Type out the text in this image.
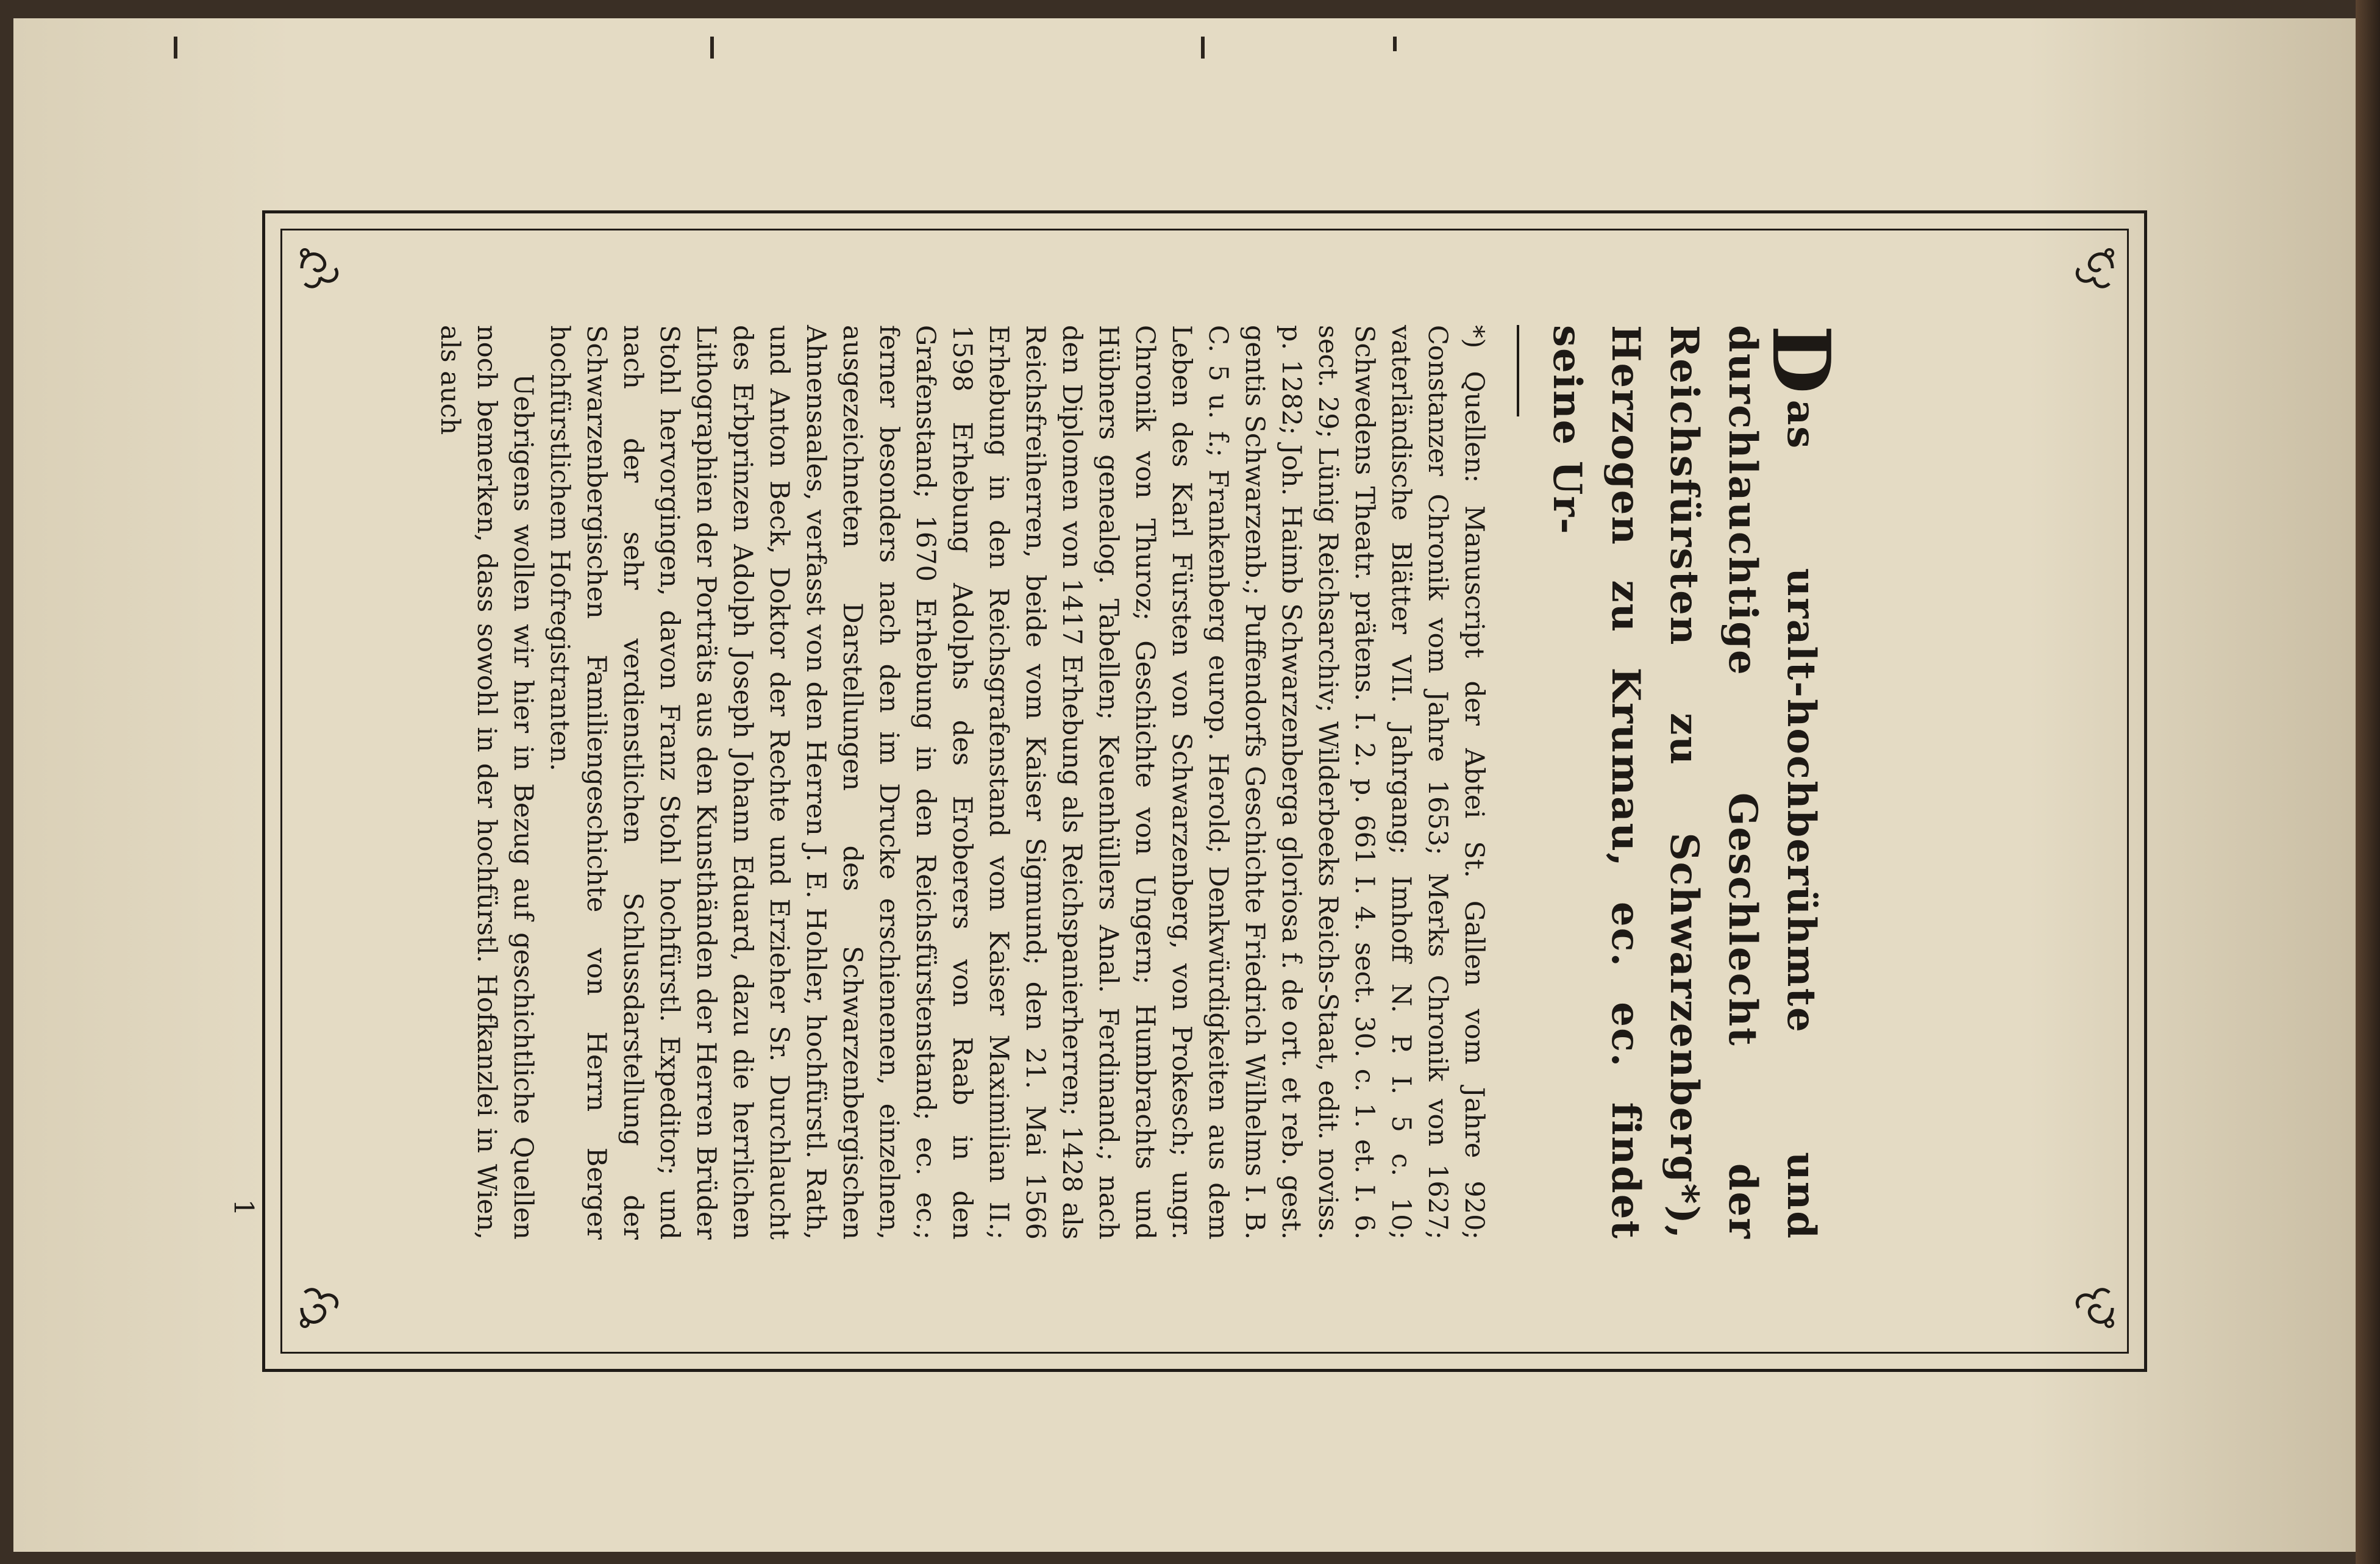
1

D
as uralt-hochberühmte und durchlauchtige Geschlecht der Reichsfürsten zu Schwarzenberg*), Herzogen zu Krumau, ec. ec. findet seine Ur-

*) Quellen: Manuscript der Abtei St. Gallen vom Jahre 920; Constanzer Chronik vom Jahre 1653; Merks Chronik von 1627; vaterländische Blätter VII. Jahrgang; Imhoff N. P. I. 5 c. 10; Schwedens Theatr. prätens. I. 2. p. 661 I. 4. sect. 30. c. 1. et. I. 6. sect. 29; Lünig Reichsarchiv; Wilderbeeks Reichs-Staat, edit. noviss. p. 1282; Joh. Haimb Schwarzenberga gloriosa f. de ort. et reb. gest. gentis Schwarzenb.; Puffendorfs Geschichte Friedrich Wilhelms I. B. C. 5 u. f.; Frankenberg europ. Herold; Denkwürdigkeiten aus dem Leben des Karl Fürsten von Schwarzenberg, von Prokesch; ungr. Chronik von Thuroz; Geschichte von Ungern; Humbrachts und Hübners genealog. Tabellen; Keuenhüllers Anal. Ferdinand.; nach den Diplomen von 1417 Erhebung als Reichspanierherren; 1428 als Reichsfreiherren, beide vom Kaiser Sigmund; den 21. Mai 1566 Erhebung in den Reichsgrafenstand vom Kaiser Maximilian II.; 1598 Erhebung Adolphs des Eroberers von Raab in den Grafenstand; 1670 Erhebung in den Reichsfürstenstand; ec. ec.; ferner besonders nach den im Drucke erschienenen, einzelnen, ausgezeichneten Darstellungen des Schwarzenbergischen Ahnensaales, verfasst von den Herren J. E. Hohler, hochfürstl. Rath, und Anton Beck, Doktor der Rechte und Erzieher Sr. Durchlaucht des Erbprinzen Adolph Joseph Johann Eduard, dazu die herrlichen Lithographien der Porträts aus den Kunsthänden der Herren Brüder Stohl hervorgingen, davon Franz Stohl hochfürstl. Expeditor; und nach der sehr verdienstlichen Schlussdarstellung der Schwarzenbergischen Familiengeschichte von Herrn Berger hochfürstlichem Hofregistranten.

Uebrigens wollen wir hier in Bezug auf geschichtliche Quellen noch bemerken, dass sowohl in der hochfürstl. Hofkanzlei in Wien, als auch
